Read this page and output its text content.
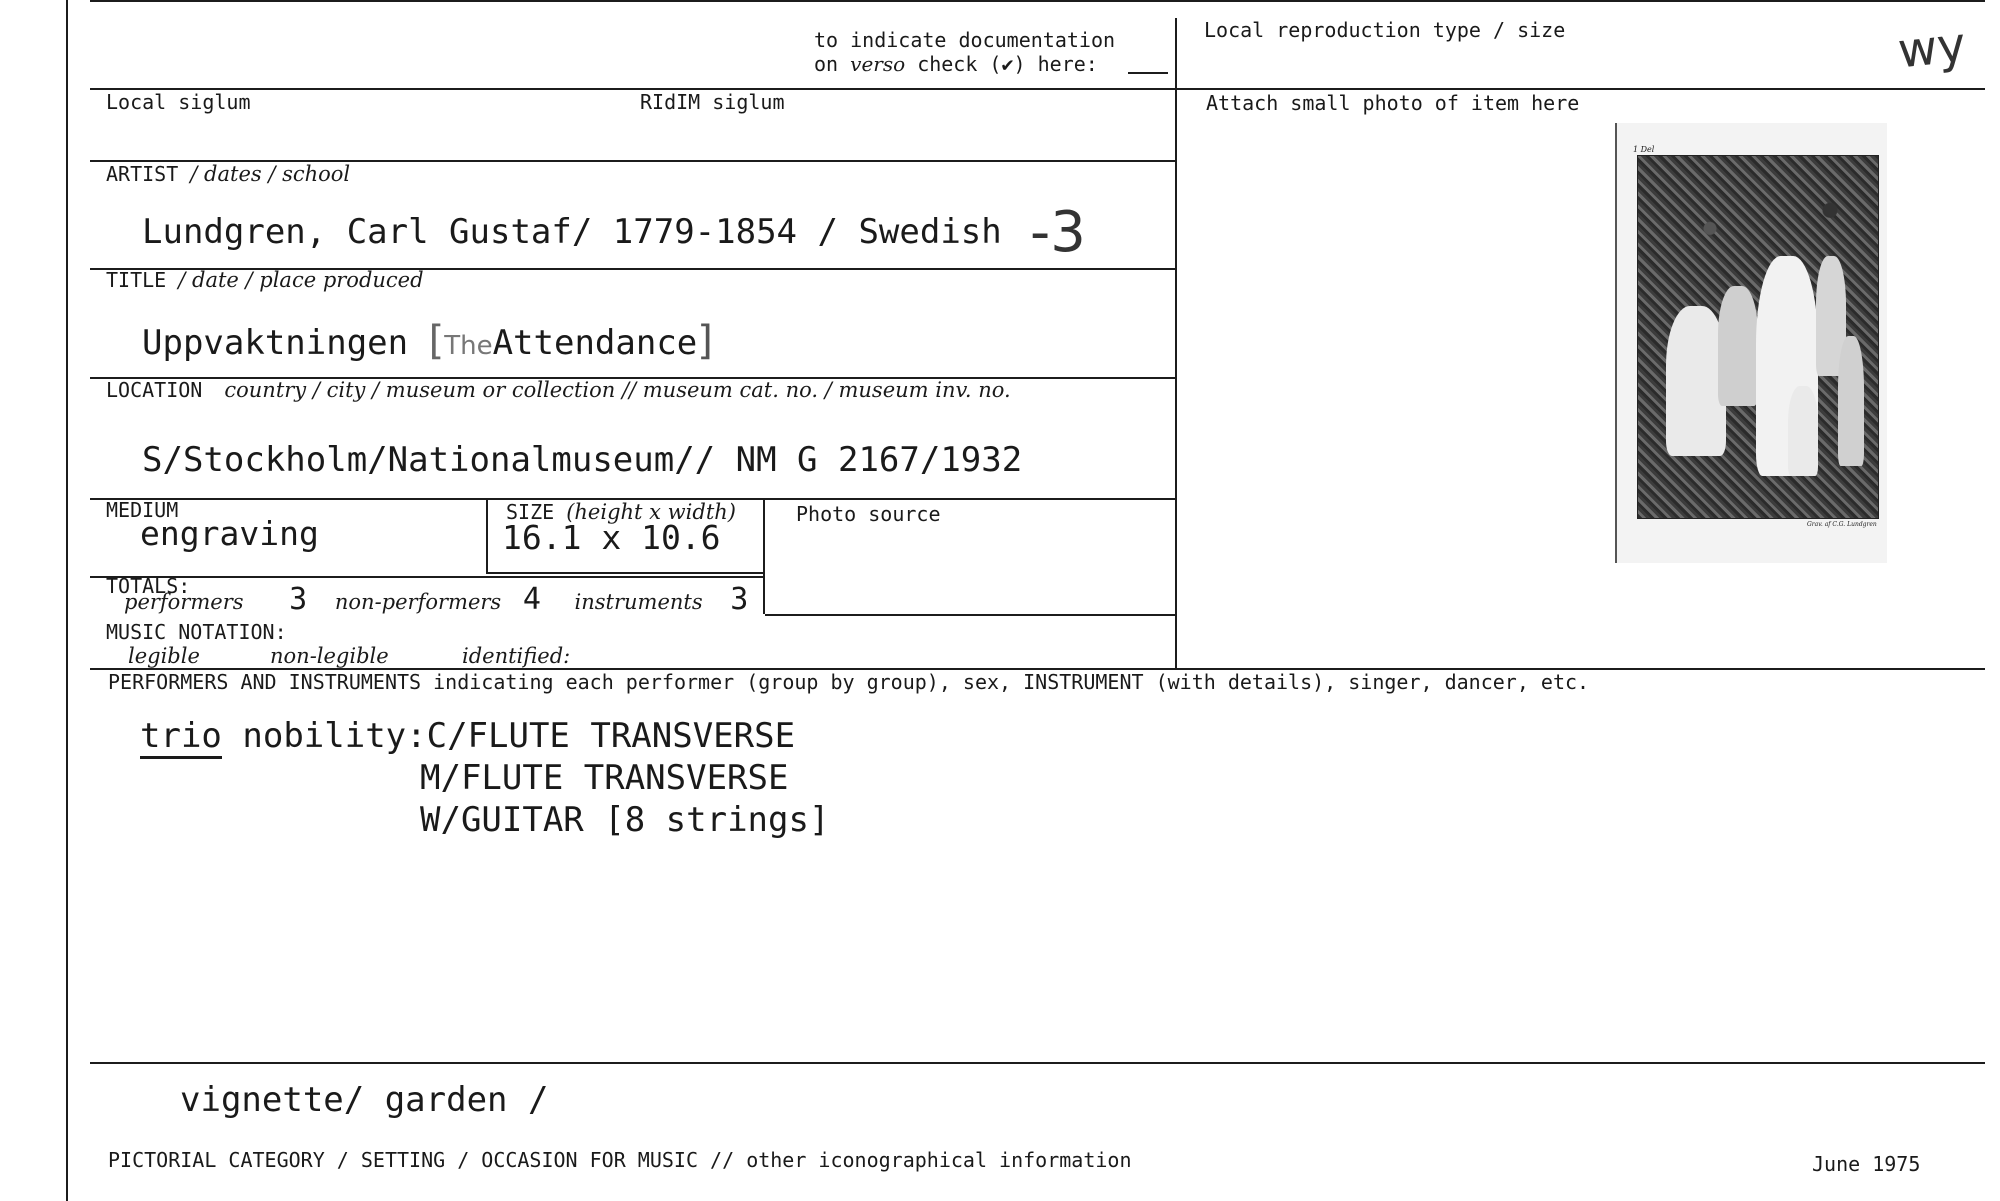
to indicate documentation
on verso check (✔) here:
Local reproduction type / size	wy
Local siglum	RIdIM siglum	Attach small photo of item here
1 Del
Grav. af C.G. Lundgren
ARTIST / dates / school
Lundgren, Carl Gustaf/ 1779-1854 / Swedish -3
TITLE / date / place produced
Uppvaktningen [TheAttendance]
LOCATION country / city / museum or collection // museum cat. no. / museum inv. no.
S/Stockholm/Nationalmuseum// NM G 2167/1932
MEDIUM
engraving
SIZE (height x width)
16.1 x 10.6
Photo source
TOTALS:
performers 3 non-performers 4 instruments 3
MUSIC NOTATION:
legible	non-legible	identified:
PERFORMERS AND INSTRUMENTS indicating each performer (group by group), sex, INSTRUMENT (with details), singer, dancer, etc.
trio nobility:C/FLUTE TRANSVERSE
M/FLUTE TRANSVERSE
W/GUITAR [8 strings]
vignette/ garden /
PICTORIAL CATEGORY / SETTING / OCCASION FOR MUSIC // other iconographical information	June 1975
